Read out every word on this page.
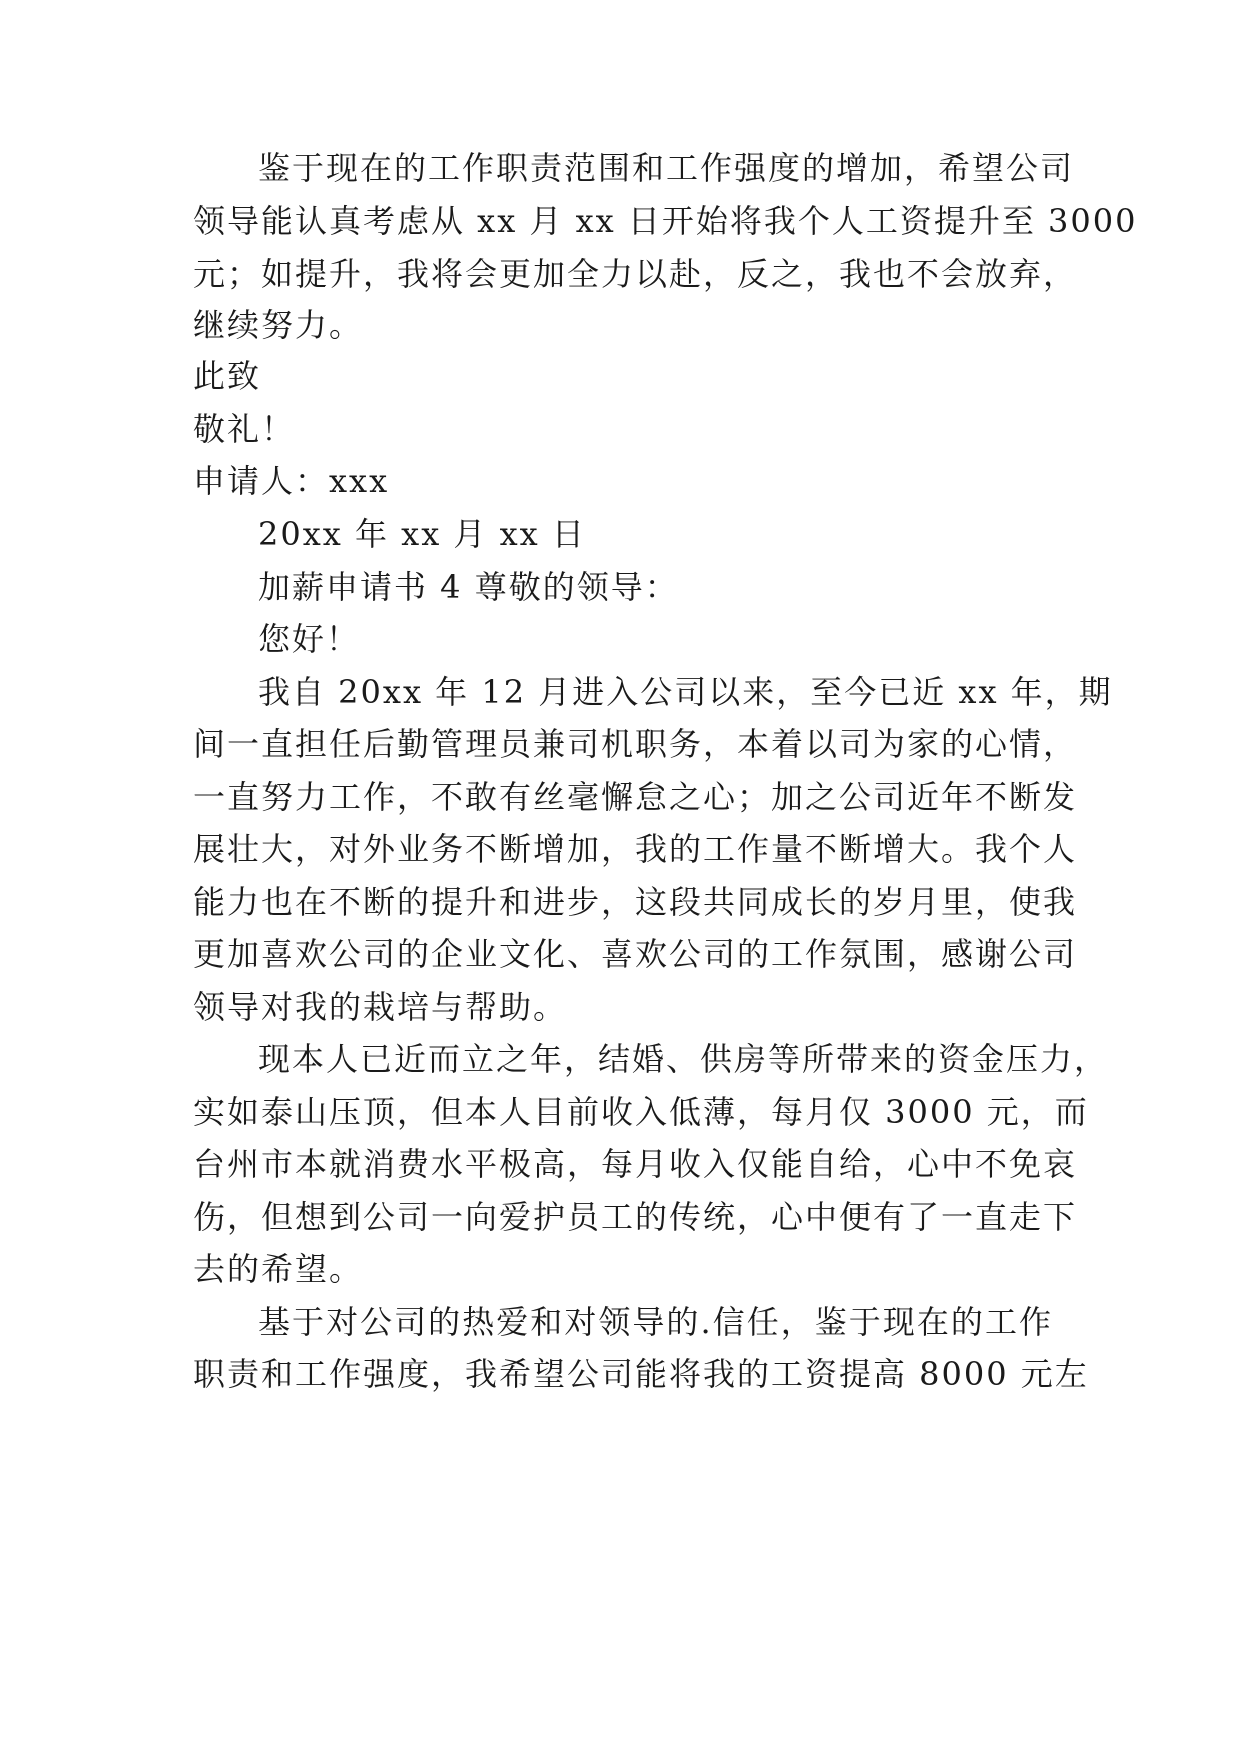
鉴于现在的工作职责范围和工作强度的增加，希望公司
领导能认真考虑从 xx 月 xx 日开始将我个人工资提升至 3000
元；如提升，我将会更加全力以赴，反之，我也不会放弃，
继续努力。
此致
敬礼！
申请人：xxx
20xx 年 xx 月 xx 日
加薪申请书 4 尊敬的领导：
您好！
我自 20xx 年 12 月进入公司以来，至今已近 xx 年，期
间一直担任后勤管理员兼司机职务，本着以司为家的心情，
一直努力工作，不敢有丝毫懈怠之心；加之公司近年不断发
展壮大，对外业务不断增加，我的工作量不断增大。我个人
能力也在不断的提升和进步，这段共同成长的岁月里，使我
更加喜欢公司的企业文化、喜欢公司的工作氛围，感谢公司
领导对我的栽培与帮助。
现本人已近而立之年，结婚、供房等所带来的资金压力，
实如泰山压顶，但本人目前收入低薄，每月仅 3000 元，而
台州市本就消费水平极高，每月收入仅能自给，心中不免哀
伤，但想到公司一向爱护员工的传统，心中便有了一直走下
去的希望。
基于对公司的热爱和对领导的.信任，鉴于现在的工作
职责和工作强度，我希望公司能将我的工资提高 8000 元左
